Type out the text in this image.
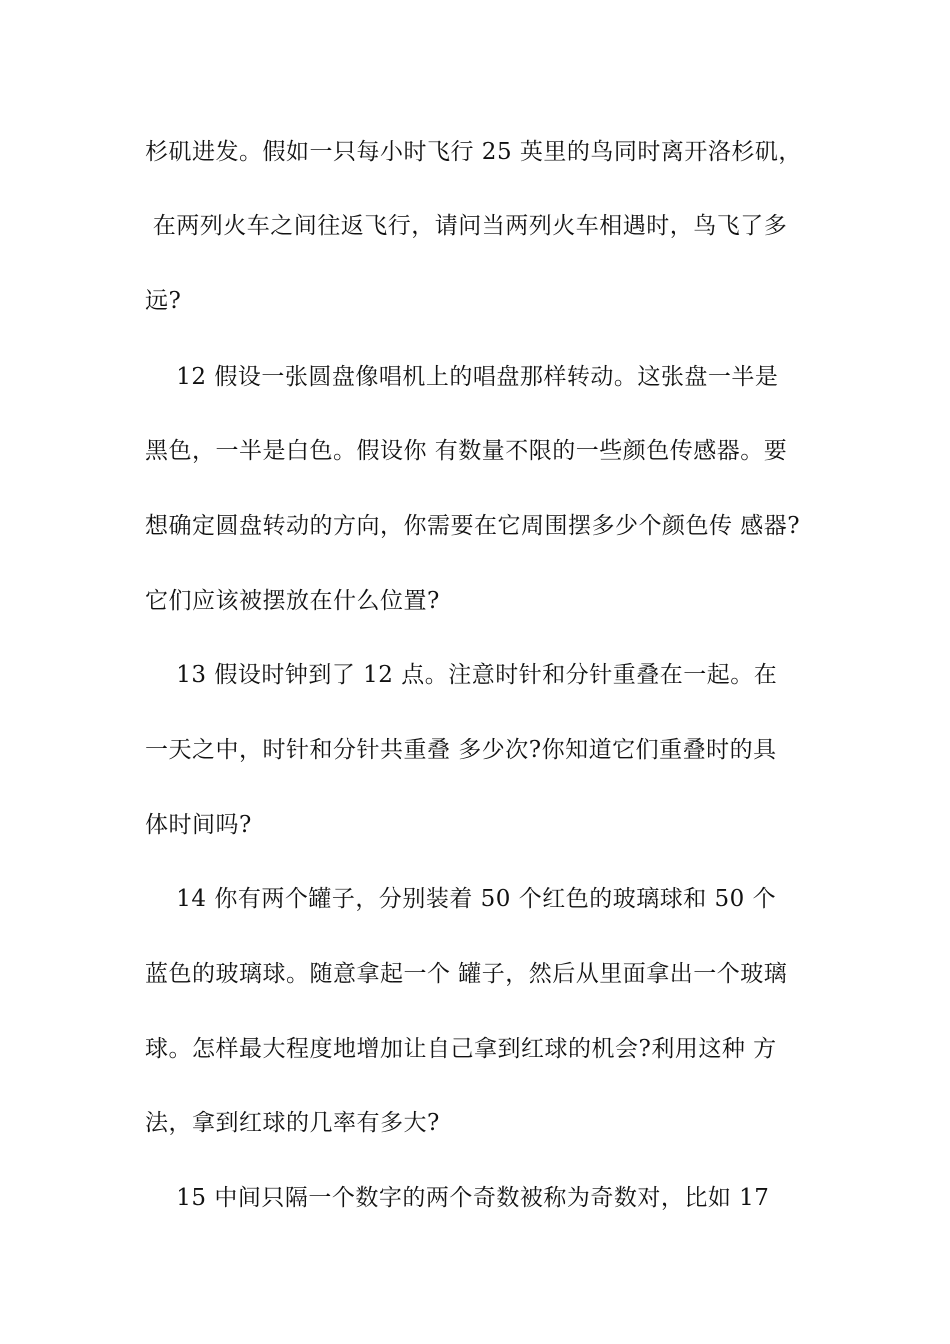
杉矶进发。假如一只每小时飞行 25 英里的鸟同时离开洛杉矶，
在两列火车之间往返飞行，请问当两列火车相遇时，鸟飞了多
远?
12 假设一张圆盘像唱机上的唱盘那样转动。这张盘一半是
黑色，一半是白色。假设你 有数量不限的一些颜色传感器。要
想确定圆盘转动的方向，你需要在它周围摆多少个颜色传 感器?
它们应该被摆放在什么位置?
13 假设时钟到了 12 点。注意时针和分针重叠在一起。在
一天之中，时针和分针共重叠 多少次?你知道它们重叠时的具
体时间吗?
14 你有两个罐子，分别装着 50 个红色的玻璃球和 50 个
蓝色的玻璃球。随意拿起一个 罐子，然后从里面拿出一个玻璃
球。怎样最大程度地增加让自己拿到红球的机会?利用这种 方
法，拿到红球的几率有多大?
15 中间只隔一个数字的两个奇数被称为奇数对，比如 17
